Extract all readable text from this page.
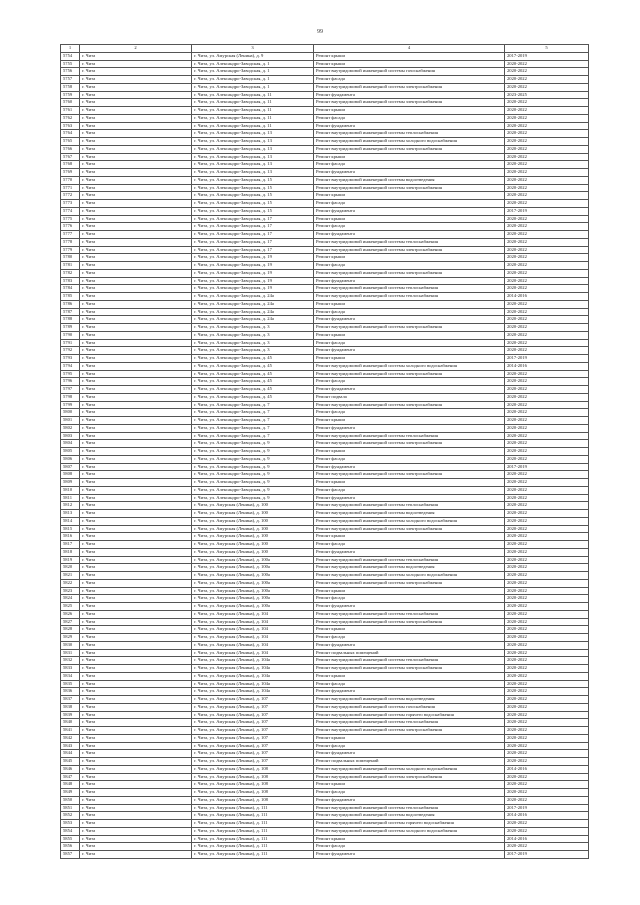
99
1	2	3	4	5
5754	г. Чита	г. Чита, ул. Амурская (Ленина), д. 9	Ремонт крыши	2017-2019
5755	г. Чита	г. Чита, ул. Александро-Заводская, д. 1	Ремонт крыши	2020-2022
5756	г. Чита	г. Чита, ул. Александро-Заводская, д. 1	Ремонт внутридомовой инженерной системы газоснабжения	2020-2022
5757	г. Чита	г. Чита, ул. Александро-Заводская, д. 1	Ремонт фасада	2020-2022
5758	г. Чита	г. Чита, ул. Александро-Заводская, д. 1	Ремонт внутридомовой инженерной системы электроснабжения	2020-2022
5759	г. Чита	г. Чита, ул. Александро-Заводская, д. 11	Ремонт фундамента	2023-2025
5760	г. Чита	г. Чита, ул. Александро-Заводская, д. 11	Ремонт внутридомовой инженерной системы электроснабжения	2020-2022
5761	г. Чита	г. Чита, ул. Александро-Заводская, д. 11	Ремонт крыши	2020-2022
5762	г. Чита	г. Чита, ул. Александро-Заводская, д. 11	Ремонт фасада	2020-2022
5763	г. Чита	г. Чита, ул. Александро-Заводская, д. 11	Ремонт фундамента	2020-2022
5764	г. Чита	г. Чита, ул. Александро-Заводская, д. 13	Ремонт внутридомовой инженерной системы теплоснабжения	2020-2022
5765	г. Чита	г. Чита, ул. Александро-Заводская, д. 13	Ремонт внутридомовой инженерной системы холодного водоснабжения	2020-2022
5766	г. Чита	г. Чита, ул. Александро-Заводская, д. 13	Ремонт внутридомовой инженерной системы электроснабжения	2020-2022
5767	г. Чита	г. Чита, ул. Александро-Заводская, д. 13	Ремонт крыши	2020-2022
5768	г. Чита	г. Чита, ул. Александро-Заводская, д. 13	Ремонт фасада	2020-2022
5769	г. Чита	г. Чита, ул. Александро-Заводская, д. 13	Ремонт фундамента	2020-2022
5770	г. Чита	г. Чита, ул. Александро-Заводская, д. 15	Ремонт внутридомовой инженерной системы водоотведения	2020-2022
5771	г. Чита	г. Чита, ул. Александро-Заводская, д. 15	Ремонт внутридомовой инженерной системы электроснабжения	2020-2022
5772	г. Чита	г. Чита, ул. Александро-Заводская, д. 15	Ремонт крыши	2020-2022
5773	г. Чита	г. Чита, ул. Александро-Заводская, д. 15	Ремонт фасада	2020-2022
5774	г. Чита	г. Чита, ул. Александро-Заводская, д. 15	Ремонт фундамента	2017-2019
5775	г. Чита	г. Чита, ул. Александро-Заводская, д. 17	Ремонт крыши	2020-2022
5776	г. Чита	г. Чита, ул. Александро-Заводская, д. 17	Ремонт фасада	2020-2022
5777	г. Чита	г. Чита, ул. Александро-Заводская, д. 17	Ремонт фундамента	2020-2022
5778	г. Чита	г. Чита, ул. Александро-Заводская, д. 17	Ремонт внутридомовой инженерной системы теплоснабжения	2020-2022
5779	г. Чита	г. Чита, ул. Александро-Заводская, д. 17	Ремонт внутридомовой инженерной системы электроснабжения	2020-2022
5780	г. Чита	г. Чита, ул. Александро-Заводская, д. 19	Ремонт крыши	2020-2022
5781	г. Чита	г. Чита, ул. Александро-Заводская, д. 19	Ремонт фасада	2020-2022
5782	г. Чита	г. Чита, ул. Александро-Заводская, д. 19	Ремонт внутридомовой инженерной системы электроснабжения	2020-2022
5783	г. Чита	г. Чита, ул. Александро-Заводская, д. 19	Ремонт фундамента	2020-2022
5784	г. Чита	г. Чита, ул. Александро-Заводская, д. 19	Ремонт внутридомовой инженерной системы теплоснабжения	2020-2022
5785	г. Чита	г. Чита, ул. Александро-Заводская, д. 24а	Ремонт внутридомовой инженерной системы теплоснабжения	2014-2016
5786	г. Чита	г. Чита, ул. Александро-Заводская, д. 24а	Ремонт крыши	2020-2022
5787	г. Чита	г. Чита, ул. Александро-Заводская, д. 24а	Ремонт фасада	2020-2022
5788	г. Чита	г. Чита, ул. Александро-Заводская, д. 24а	Ремонт фундамента	2020-2022
5789	г. Чита	г. Чита, ул. Александро-Заводская, д. 3	Ремонт внутридомовой инженерной системы электроснабжения	2020-2022
5790	г. Чита	г. Чита, ул. Александро-Заводская, д. 3	Ремонт крыши	2020-2022
5791	г. Чита	г. Чита, ул. Александро-Заводская, д. 3	Ремонт фасада	2020-2022
5792	г. Чита	г. Чита, ул. Александро-Заводская, д. 3	Ремонт фундамента	2020-2022
5793	г. Чита	г. Чита, ул. Александро-Заводская, д. 45	Ремонт крыши	2017-2019
5794	г. Чита	г. Чита, ул. Александро-Заводская, д. 45	Ремонт внутридомовой инженерной системы холодного водоснабжения	2014-2016
5795	г. Чита	г. Чита, ул. Александро-Заводская, д. 45	Ремонт внутридомовой инженерной системы электроснабжения	2020-2022
5796	г. Чита	г. Чита, ул. Александро-Заводская, д. 45	Ремонт фасада	2020-2022
5797	г. Чита	г. Чита, ул. Александро-Заводская, д. 45	Ремонт фундамента	2020-2022
5798	г. Чита	г. Чита, ул. Александро-Заводская, д. 45	Ремонт подвала	2020-2022
5799	г. Чита	г. Чита, ул. Александро-Заводская, д. 7	Ремонт внутридомовой инженерной системы электроснабжения	2020-2022
5800	г. Чита	г. Чита, ул. Александро-Заводская, д. 7	Ремонт фасада	2020-2022
5801	г. Чита	г. Чита, ул. Александро-Заводская, д. 7	Ремонт крыши	2020-2022
5802	г. Чита	г. Чита, ул. Александро-Заводская, д. 7	Ремонт фундамента	2020-2022
5803	г. Чита	г. Чита, ул. Александро-Заводская, д. 7	Ремонт внутридомовой инженерной системы теплоснабжения	2020-2022
5804	г. Чита	г. Чита, ул. Александро-Заводская, д. 9	Ремонт внутридомовой инженерной системы электроснабжения	2020-2022
5805	г. Чита	г. Чита, ул. Александро-Заводская, д. 9	Ремонт крыши	2020-2022
5806	г. Чита	г. Чита, ул. Александро-Заводская, д. 9	Ремонт фасада	2020-2022
5807	г. Чита	г. Чита, ул. Александро-Заводская, д. 9	Ремонт фундамента	2017-2019
5808	г. Чита	г. Чита, ул. Александро-Заводская, д. 9	Ремонт внутридомовой инженерной системы электроснабжения	2020-2022
5809	г. Чита	г. Чита, ул. Александро-Заводская, д. 9	Ремонт крыши	2020-2022
5810	г. Чита	г. Чита, ул. Александро-Заводская, д. 9	Ремонт фасада	2020-2022
5811	г. Чита	г. Чита, ул. Александро-Заводская, д. 9	Ремонт фундамента	2020-2022
5812	г. Чита	г. Чита, ул. Амурская (Ленина), д. 100	Ремонт внутридомовой инженерной системы теплоснабжения	2020-2022
5813	г. Чита	г. Чита, ул. Амурская (Ленина), д. 100	Ремонт внутридомовой инженерной системы водоотведения	2020-2022
5814	г. Чита	г. Чита, ул. Амурская (Ленина), д. 100	Ремонт внутридомовой инженерной системы холодного водоснабжения	2020-2022
5815	г. Чита	г. Чита, ул. Амурская (Ленина), д. 100	Ремонт внутридомовой инженерной системы электроснабжения	2020-2022
5816	г. Чита	г. Чита, ул. Амурская (Ленина), д. 100	Ремонт крыши	2020-2022
5817	г. Чита	г. Чита, ул. Амурская (Ленина), д. 100	Ремонт фасада	2020-2022
5818	г. Чита	г. Чита, ул. Амурская (Ленина), д. 100	Ремонт фундамента	2020-2022
5819	г. Чита	г. Чита, ул. Амурская (Ленина), д. 100а	Ремонт внутридомовой инженерной системы теплоснабжения	2020-2022
5820	г. Чита	г. Чита, ул. Амурская (Ленина), д. 100а	Ремонт внутридомовой инженерной системы водоотведения	2020-2022
5821	г. Чита	г. Чита, ул. Амурская (Ленина), д. 100а	Ремонт внутридомовой инженерной системы холодного водоснабжения	2020-2022
5822	г. Чита	г. Чита, ул. Амурская (Ленина), д. 100а	Ремонт внутридомовой инженерной системы электроснабжения	2020-2022
5823	г. Чита	г. Чита, ул. Амурская (Ленина), д. 100а	Ремонт крыши	2020-2022
5824	г. Чита	г. Чита, ул. Амурская (Ленина), д. 100а	Ремонт фасада	2020-2022
5825	г. Чита	г. Чита, ул. Амурская (Ленина), д. 100а	Ремонт фундамента	2020-2022
5826	г. Чита	г. Чита, ул. Амурская (Ленина), д. 104	Ремонт внутридомовой инженерной системы теплоснабжения	2020-2022
5827	г. Чита	г. Чита, ул. Амурская (Ленина), д. 104	Ремонт внутридомовой инженерной системы электроснабжения	2020-2022
5828	г. Чита	г. Чита, ул. Амурская (Ленина), д. 104	Ремонт крыши	2020-2022
5829	г. Чита	г. Чита, ул. Амурская (Ленина), д. 104	Ремонт фасада	2020-2022
5830	г. Чита	г. Чита, ул. Амурская (Ленина), д. 104	Ремонт фундамента	2020-2022
5831	г. Чита	г. Чита, ул. Амурская (Ленина), д. 104	Ремонт подвальных помещений	2020-2022
5832	г. Чита	г. Чита, ул. Амурская (Ленина), д. 104а	Ремонт внутридомовой инженерной системы теплоснабжения	2020-2022
5833	г. Чита	г. Чита, ул. Амурская (Ленина), д. 104а	Ремонт внутридомовой инженерной системы электроснабжения	2020-2022
5834	г. Чита	г. Чита, ул. Амурская (Ленина), д. 104а	Ремонт крыши	2020-2022
5835	г. Чита	г. Чита, ул. Амурская (Ленина), д. 104а	Ремонт фасада	2020-2022
5836	г. Чита	г. Чита, ул. Амурская (Ленина), д. 104а	Ремонт фундамента	2020-2022
5837	г. Чита	г. Чита, ул. Амурская (Ленина), д. 107	Ремонт внутридомовой инженерной системы водоотведения	2020-2022
5838	г. Чита	г. Чита, ул. Амурская (Ленина), д. 107	Ремонт внутридомовой инженерной системы газоснабжения	2020-2022
5839	г. Чита	г. Чита, ул. Амурская (Ленина), д. 107	Ремонт внутридомовой инженерной системы горячего водоснабжения	2020-2022
5840	г. Чита	г. Чита, ул. Амурская (Ленина), д. 107	Ремонт внутридомовой инженерной системы теплоснабжения	2020-2022
5841	г. Чита	г. Чита, ул. Амурская (Ленина), д. 107	Ремонт внутридомовой инженерной системы электроснабжения	2020-2022
5842	г. Чита	г. Чита, ул. Амурская (Ленина), д. 107	Ремонт крыши	2020-2022
5843	г. Чита	г. Чита, ул. Амурская (Ленина), д. 107	Ремонт фасада	2020-2022
5844	г. Чита	г. Чита, ул. Амурская (Ленина), д. 107	Ремонт фундамента	2020-2022
5845	г. Чита	г. Чита, ул. Амурская (Ленина), д. 107	Ремонт подвальных помещений	2020-2022
5846	г. Чита	г. Чита, ул. Амурская (Ленина), д. 108	Ремонт внутридомовой инженерной системы холодного водоснабжения	2014-2016
5847	г. Чита	г. Чита, ул. Амурская (Ленина), д. 108	Ремонт внутридомовой инженерной системы электроснабжения	2020-2022
5848	г. Чита	г. Чита, ул. Амурская (Ленина), д. 108	Ремонт крыши	2020-2022
5849	г. Чита	г. Чита, ул. Амурская (Ленина), д. 108	Ремонт фасада	2020-2022
5850	г. Чита	г. Чита, ул. Амурская (Ленина), д. 108	Ремонт фундамента	2020-2022
5851	г. Чита	г. Чита, ул. Амурская (Ленина), д. 111	Ремонт внутридомовой инженерной системы теплоснабжения	2017-2019
5852	г. Чита	г. Чита, ул. Амурская (Ленина), д. 111	Ремонт внутридомовой инженерной системы водоотведения	2014-2016
5853	г. Чита	г. Чита, ул. Амурская (Ленина), д. 111	Ремонт внутридомовой инженерной системы горячего водоснабжения	2020-2022
5854	г. Чита	г. Чита, ул. Амурская (Ленина), д. 111	Ремонт внутридомовой инженерной системы холодного водоснабжения	2020-2022
5855	г. Чита	г. Чита, ул. Амурская (Ленина), д. 111	Ремонт крыши	2014-2016
5856	г. Чита	г. Чита, ул. Амурская (Ленина), д. 111	Ремонт фасада	2020-2022
5857	г. Чита	г. Чита, ул. Амурская (Ленина), д. 111	Ремонт фундамента	2017-2019
